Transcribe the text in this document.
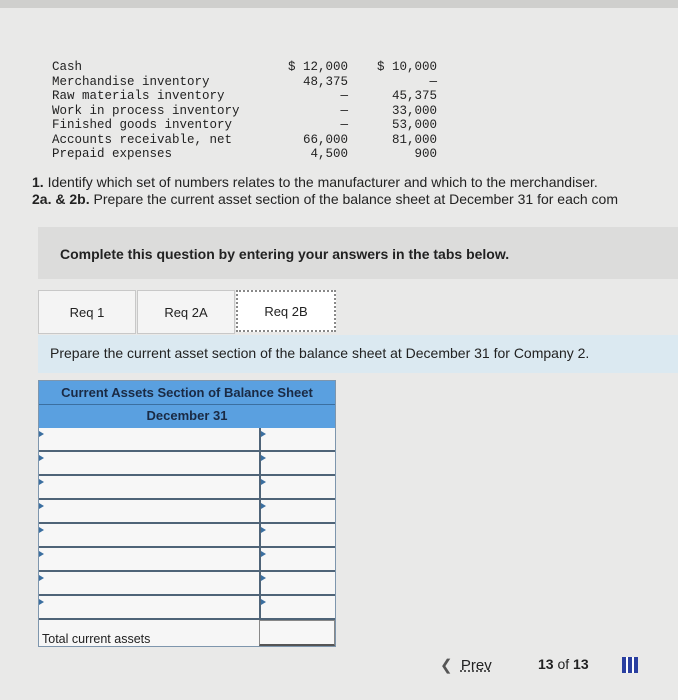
Cash	$ 12,000	$ 10,000
Merchandise inventory	48,375	—
Raw materials inventory	—	45,375
Work in process inventory	—	33,000
Finished goods inventory	—	53,000
Accounts receivable, net	66,000	81,000
Prepaid expenses	4,500	900
1. Identify which set of numbers relates to the manufacturer and which to the merchandiser.
2a. & 2b. Prepare the current asset section of the balance sheet at December 31 for each com
Complete this question by entering your answers in the tabs below.
Req 1	Req 2A	Req 2B
Prepare the current asset section of the balance sheet at December 31 for Company 2.
Current Assets Section of Balance Sheet
December 31
Total current assets
❮ Prev	13 of 13
